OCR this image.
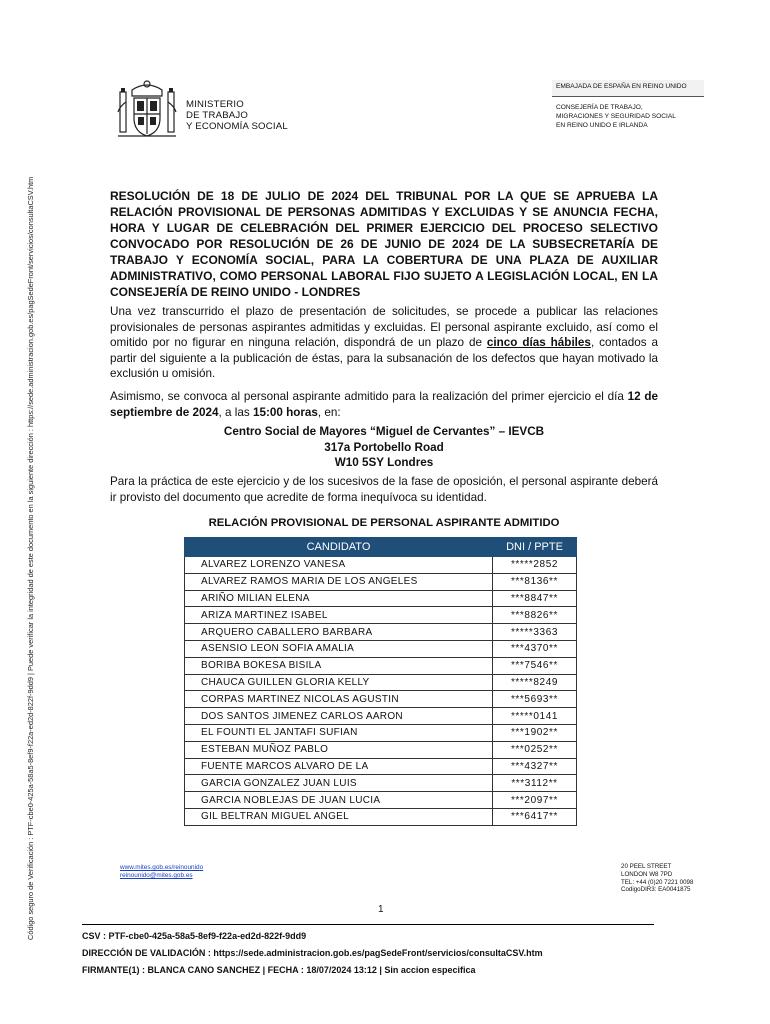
Código seguro de Verificación : PTF-cbe0-425a-58a5-8ef9-f22a-ed2d-822f-9dd9 | Puede verificar la integridad de este documento en la siguiente dirección : https://sede.administracion.gob.es/pagSedeFront/servicios/consultaCSV.htm
MINISTERIO
DE TRABAJO
Y ECONOMÍA SOCIAL
EMBAJADA DE ESPAÑA EN REINO UNIDO
CONSEJERÍA DE TRABAJO,
MIGRACIONES Y SEGURIDAD SOCIAL
EN REINO UNIDO E IRLANDA
RESOLUCIÓN DE 18 DE JULIO DE 2024 DEL TRIBUNAL POR LA QUE SE APRUEBA LA RELACIÓN PROVISIONAL DE PERSONAS ADMITIDAS Y EXCLUIDAS Y SE ANUNCIA FECHA, HORA Y LUGAR DE CELEBRACIÓN DEL PRIMER EJERCICIO DEL PROCESO SELECTIVO CONVOCADO POR RESOLUCIÓN DE 26 DE JUNIO DE 2024 DE LA SUBSECRETARÍA DE TRABAJO Y ECONOMÍA SOCIAL, PARA LA COBERTURA DE UNA PLAZA DE AUXILIAR ADMINISTRATIVO, COMO PERSONAL LABORAL FIJO SUJETO A LEGISLACIÓN LOCAL, EN LA CONSEJERÍA DE REINO UNIDO - LONDRES
Una vez transcurrido el plazo de presentación de solicitudes, se procede a publicar las relaciones provisionales de personas aspirantes admitidas y excluidas. El personal aspirante excluido, así como el omitido por no figurar en ninguna relación, dispondrá de un plazo de cinco días hábiles, contados a partir del siguiente a la publicación de éstas, para la subsanación de los defectos que hayan motivado la exclusión u omisión.
Asimismo, se convoca al personal aspirante admitido para la realización del primer ejercicio el día 12 de septiembre de 2024, a las 15:00 horas, en:
Centro Social de Mayores “Miguel de Cervantes” – IEVCB
317a Portobello Road
W10 5SY Londres
Para la práctica de este ejercicio y de los sucesivos de la fase de oposición, el personal aspirante deberá ir provisto del documento que acredite de forma inequívoca su identidad.
RELACIÓN PROVISIONAL DE PERSONAL ASPIRANTE ADMITIDO
CANDIDATO	DNI / PPTE
ALVAREZ LORENZO VANESA	*****2852
ALVAREZ RAMOS MARIA DE LOS ANGELES	***8136**
ARIÑO MILIAN ELENA	***8847**
ARIZA MARTINEZ ISABEL	***8826**
ARQUERO CABALLERO BARBARA	*****3363
ASENSIO LEON SOFIA AMALIA	***4370**
BORIBA BOKESA BISILA	***7546**
CHAUCA GUILLEN GLORIA KELLY	*****8249
CORPAS MARTINEZ NICOLAS AGUSTIN	***5693**
DOS SANTOS JIMENEZ CARLOS AARON	*****0141
EL FOUNTI EL JANTAFI SUFIAN	***1902**
ESTEBAN MUÑOZ PABLO	***0252**
FUENTE MARCOS ALVARO DE LA	***4327**
GARCIA GONZALEZ JUAN LUIS	***3112**
GARCIA NOBLEJAS DE JUAN LUCIA	***2097**
GIL BELTRAN MIGUEL ANGEL	***6417**
www.mites.gob.es/reinounido
reinounido@mites.gob.es
20 PEEL STREET
LONDON W8 7PD
TEL: +44 (0)20 7221 0098
CodigoDIR3: EA0041875
1
CSV : PTF-cbe0-425a-58a5-8ef9-f22a-ed2d-822f-9dd9
DIRECCIÓN DE VALIDACIÓN : https://sede.administracion.gob.es/pagSedeFront/servicios/consultaCSV.htm
FIRMANTE(1) : BLANCA CANO SANCHEZ | FECHA : 18/07/2024 13:12 | Sin accion especifica
